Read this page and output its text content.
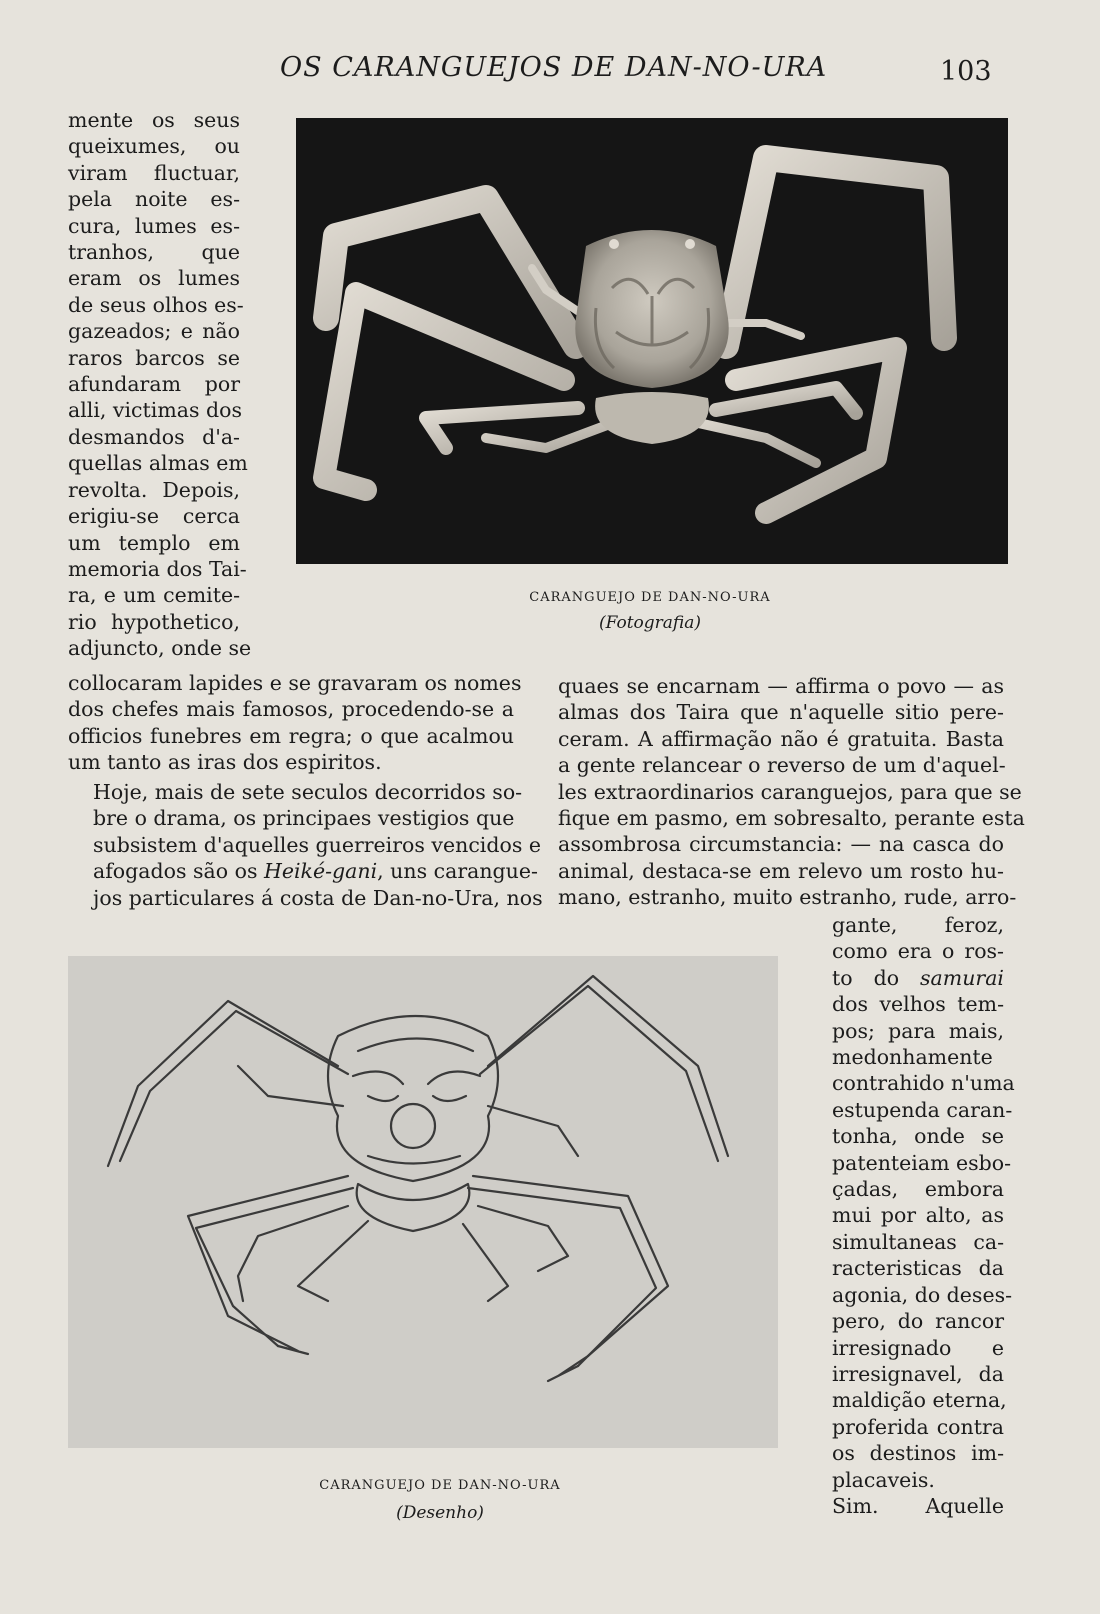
OS CARANGUEJOS DE DAN-NO-URA	103
mente os seus
queixumes, ou
viram fluctuar,
pela noite es-
cura, lumes es-
tranhos, que
eram os lumes
de seus olhos es-
gazeados; e não
raros barcos se
afundaram por
alli, victimas dos
desmandos d'a-
quellas almas em
revolta. Depois,
erigiu-se cerca
um templo em
memoria dos Tai-
ra, e um cemite-
rio hypothetico,
adjuncto, onde se
CARANGUEJO DE DAN-NO-URA
(Fotografia)
collocaram lapides e se gravaram os nomes
dos chefes mais famosos, procedendo-se a
officios funebres em regra; o que acalmou
um tanto as iras dos espiritos.
Hoje, mais de sete seculos decorridos so-
bre o drama, os principaes vestigios que
subsistem d'aquelles guerreiros vencidos e
afogados são os Heiké-gani, uns carangue-
jos particulares á costa de Dan-no-Ura, nos
quaes se encarnam — affirma o povo — as
almas dos Taira que n'aquelle sitio pere-
ceram. A affirmação não é gratuita. Basta
a gente relancear o reverso de um d'aquel-
les extraordinarios caranguejos, para que se
fique em pasmo, em sobresalto, perante esta
assombrosa circumstancia: — na casca do
animal, destaca-se em relevo um rosto hu-
mano, estranho, muito estranho, rude, arro-
CARANGUEJO DE DAN-NO-URA
(Desenho)
gante, feroz,
como era o ros-
to do samurai
dos velhos tem-
pos; para mais,
medonhamente
contrahido n'uma
estupenda caran-
tonha, onde se
patenteiam esbo-
çadas, embora
mui por alto, as
simultaneas ca-
racteristicas da
agonia, do deses-
pero, do rancor
irresignado e
irresignavel, da
maldição eterna,
proferida contra
os destinos im-
placaveis.
Sim. Aquelle
